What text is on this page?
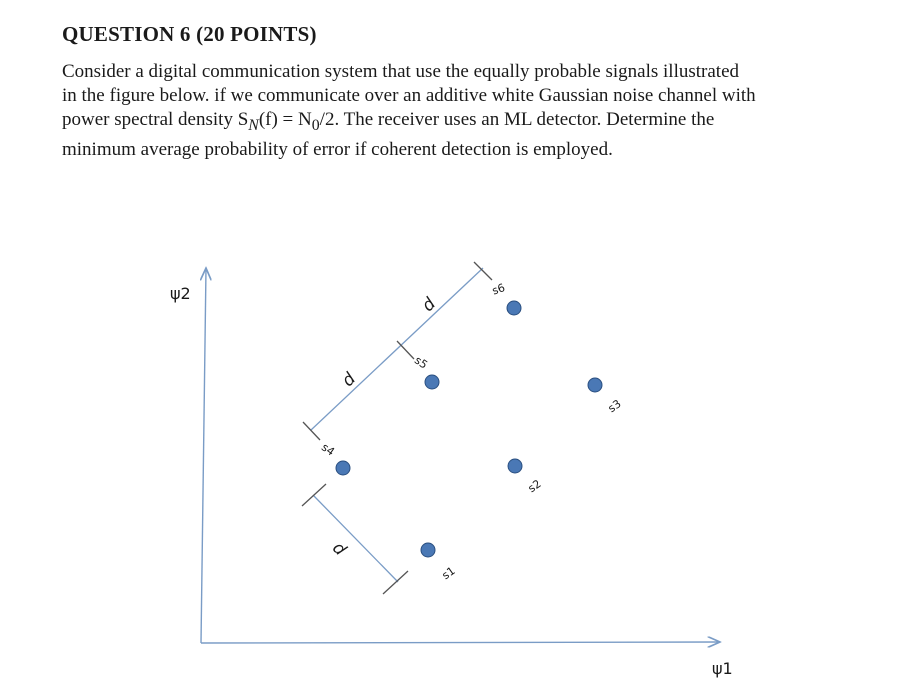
QUESTION 6 (20 POINTS)
Consider a digital communication system that use the equally probable signals illustrated
in the figure below. if we communicate over an additive white Gaussian noise channel with
power spectral density $S_N(f) = N_0/2$. The receiver uses an ML detector. Determine the
minimum average probability of error if coherent detection is employed.
ψ2
ψ1
d
d
d
s1
s2
s3
s4
s5
s6
